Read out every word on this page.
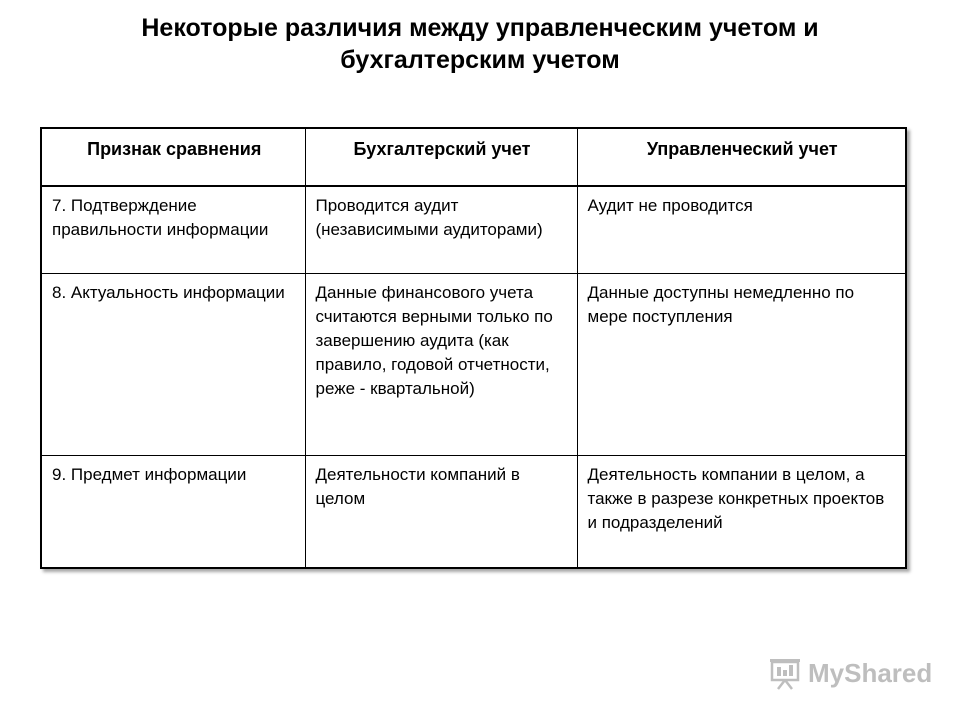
Некоторые различия между управленческим учетом и
бухгалтерским учетом
Признак сравнения	Бухгалтерский учет	Управленческий учет
7. Подтверждение правильности информации	Проводится аудит (независимыми аудиторами)	Аудит не проводится
8. Актуальность информации	Данные финансового учета считаются верными только по завершению аудита (как правило, годовой отчетности, реже - квартальной)	Данные доступны немедленно по мере поступления
9. Предмет информации	Деятельности компаний в целом	Деятельность компании в целом, а также в разрезе конкретных проектов и подразделений
MyShared
